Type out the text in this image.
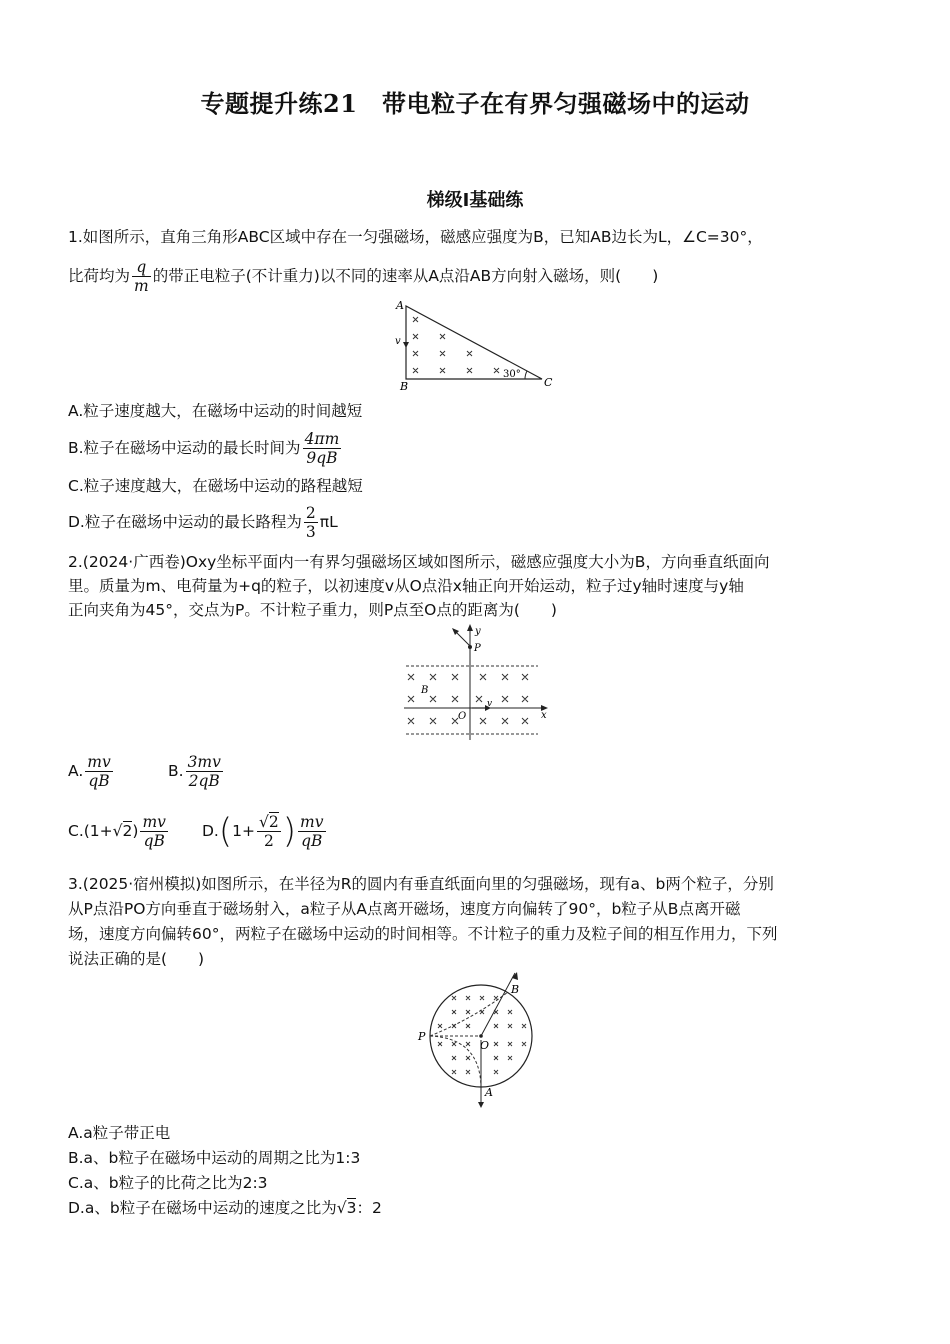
专题提升练21　带电粒子在有界匀强磁场中的运动
梯级Ⅰ基础练
1.如图所示，直角三角形ABC区域中存在一匀强磁场，磁感应强度为B，已知AB边长为L，∠C=30°，
比荷均为 $\frac{q}{m}$ 的带正电粒子(不计重力)以不同的速率从A点沿AB方向射入磁场，则(　　)
A
B	C
v
30°
A.粒子速度越大，在磁场中运动的时间越短
B.粒子在磁场中运动的最长时间为 $\frac{4\pi m}{9qB}$
C.粒子速度越大，在磁场中运动的路程越短
D.粒子在磁场中运动的最长路程为 $\frac{2}{3}$ πL
2.(2024·广西卷)Oxy坐标平面内一有界匀强磁场区域如图所示，磁感应强度大小为B，方向垂直纸面向
里。质量为m、电荷量为+q的粒子，以初速度v从O点沿x轴正向开始运动，粒子过y轴时速度与y轴
正向夹角为45°，交点为P。不计粒子重力，则P点至O点的距离为(　　)
y
x
P
O
B
v
A. $\frac{mv}{qB}$	B. $\frac{3mv}{2qB}$
$C.(1+√2) \frac{mv}{qB} D.(1+ \frac{√2}{2}$ ) $\frac{mv}{qB}$
3.(2025·宿州模拟)如图所示，在半径为R的圆内有垂直纸面向里的匀强磁场，现有a、b两个粒子，分别
从P点沿PO方向垂直于磁场射入，a粒子从A点离开磁场，速度方向偏转了90°，b粒子从B点离开磁
场，速度方向偏转60°，两粒子在磁场中运动的时间相等。不计粒子的重力及粒子间的相互作用力，下列
说法正确的是(　　)
P
O
A
B
A.a粒子带正电
B.a、b粒子在磁场中运动的周期之比为1:3
C.a、b粒子的比荷之比为2:3
D.a、b粒子在磁场中运动的速度之比为√3：2
